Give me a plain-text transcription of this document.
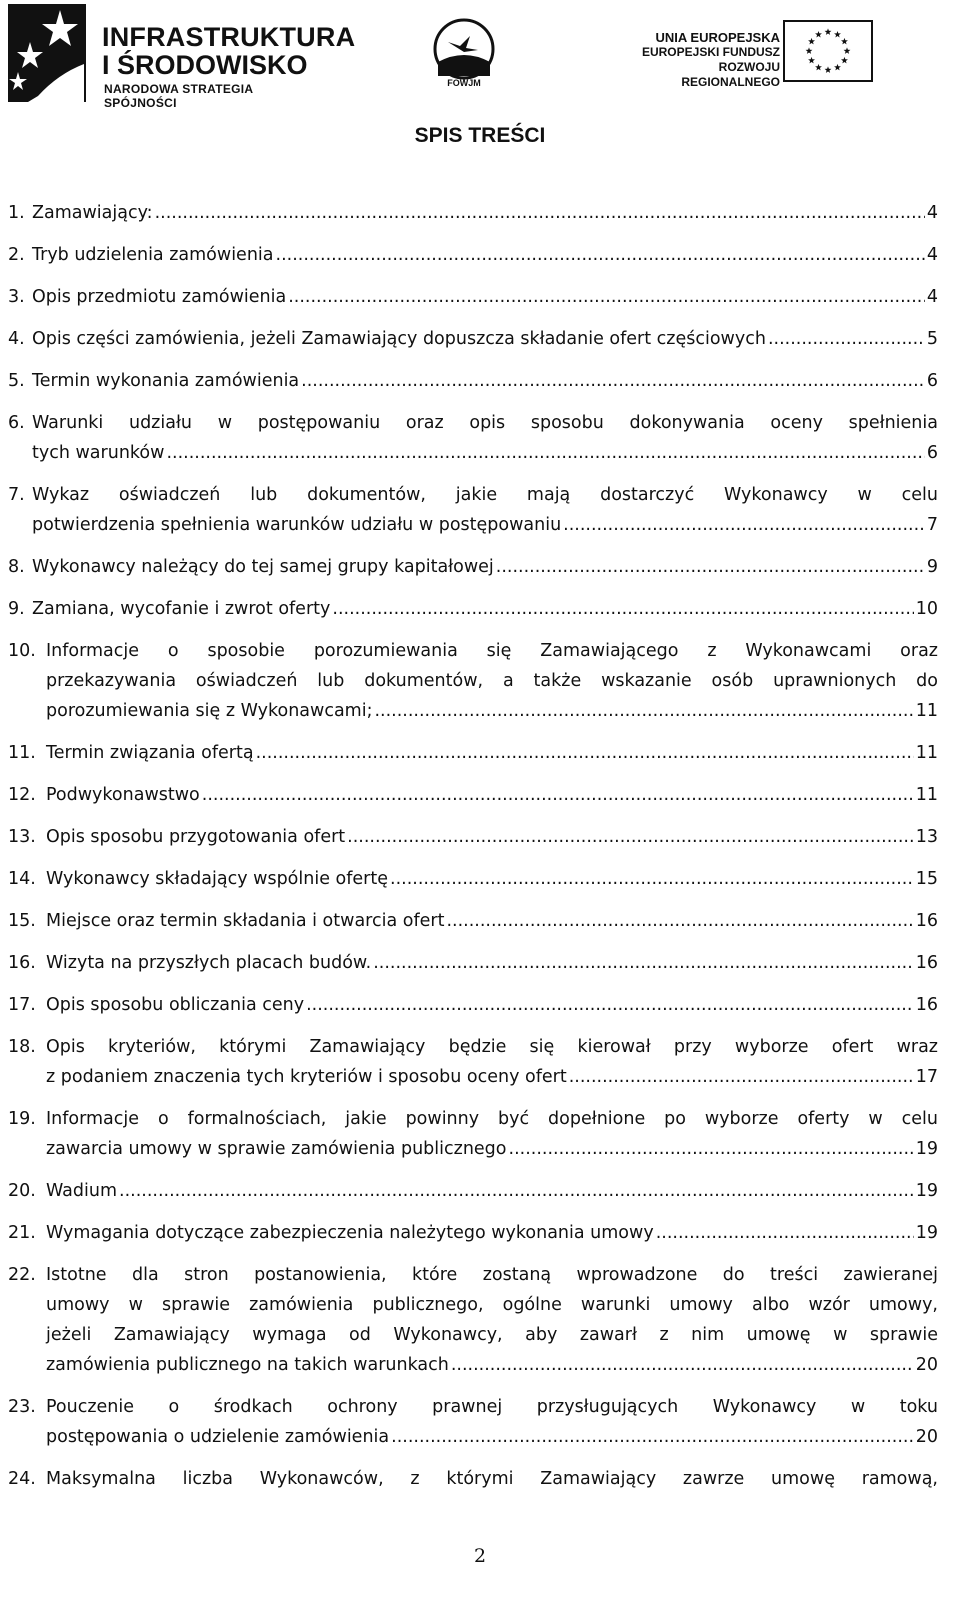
INFRASTRUKTURA
I ŚRODOWISKO
NARODOWA STRATEGIA SPÓJNOŚCI
FOWJM
UNIA EUROPEJSKA
EUROPEJSKI FUNDUSZ
ROZWOJU REGIONALNEGO
SPIS TREŚCI
1. Zamawiający: .....	4
2. Tryb udzielenia zamówienia .....	4
3. Opis przedmiotu zamówienia .....	4
4. Opis części zamówienia, jeżeli Zamawiający dopuszcza składanie ofert częściowych .....	5
5. Termin wykonania zamówienia .....	6
6. Warunki udziału w postępowaniu oraz opis sposobu dokonywania oceny spełnienia
tych warunków .....	6
7. Wykaz oświadczeń lub dokumentów, jakie mają dostarczyć Wykonawcy w celu
potwierdzenia spełnienia warunków udziału w postępowaniu .....	7
8. Wykonawcy należący do tej samej grupy kapitałowej .....	9
9. Zamiana, wycofanie i zwrot oferty .....	10
10. Informacje o sposobie porozumiewania się Zamawiającego z Wykonawcami oraz
przekazywania oświadczeń lub dokumentów, a także wskazanie osób uprawnionych do
porozumiewania się z Wykonawcami; .....	11
11. Termin związania ofertą .....	11
12. Podwykonawstwo .....	11
13. Opis sposobu przygotowania ofert .....	13
14. Wykonawcy składający wspólnie ofertę .....	15
15. Miejsce oraz termin składania i otwarcia ofert .....	16
16. Wizyta na przyszłych placach budów. .....	16
17. Opis sposobu obliczania ceny .....	16
18. Opis kryteriów, którymi Zamawiający będzie się kierował przy wyborze ofert wraz
z podaniem znaczenia tych kryteriów i sposobu oceny ofert .....	17
19. Informacje o formalnościach, jakie powinny być dopełnione po wyborze oferty w celu
zawarcia umowy w sprawie zamówienia publicznego .....	19
20. Wadium .....	19
21. Wymagania dotyczące zabezpieczenia należytego wykonania umowy .....	19
22. Istotne dla stron postanowienia, które zostaną wprowadzone do treści zawieranej
umowy w sprawie zamówienia publicznego, ogólne warunki umowy albo wzór umowy,
jeżeli Zamawiający wymaga od Wykonawcy, aby zawarł z nim umowę w sprawie
zamówienia publicznego na takich warunkach .....	20
23. Pouczenie o środkach ochrony prawnej przysługujących Wykonawcy w toku
postępowania o udzielenie zamówienia .....	20
24. Maksymalna liczba Wykonawców, z którymi Zamawiający zawrze umowę ramową,
2
